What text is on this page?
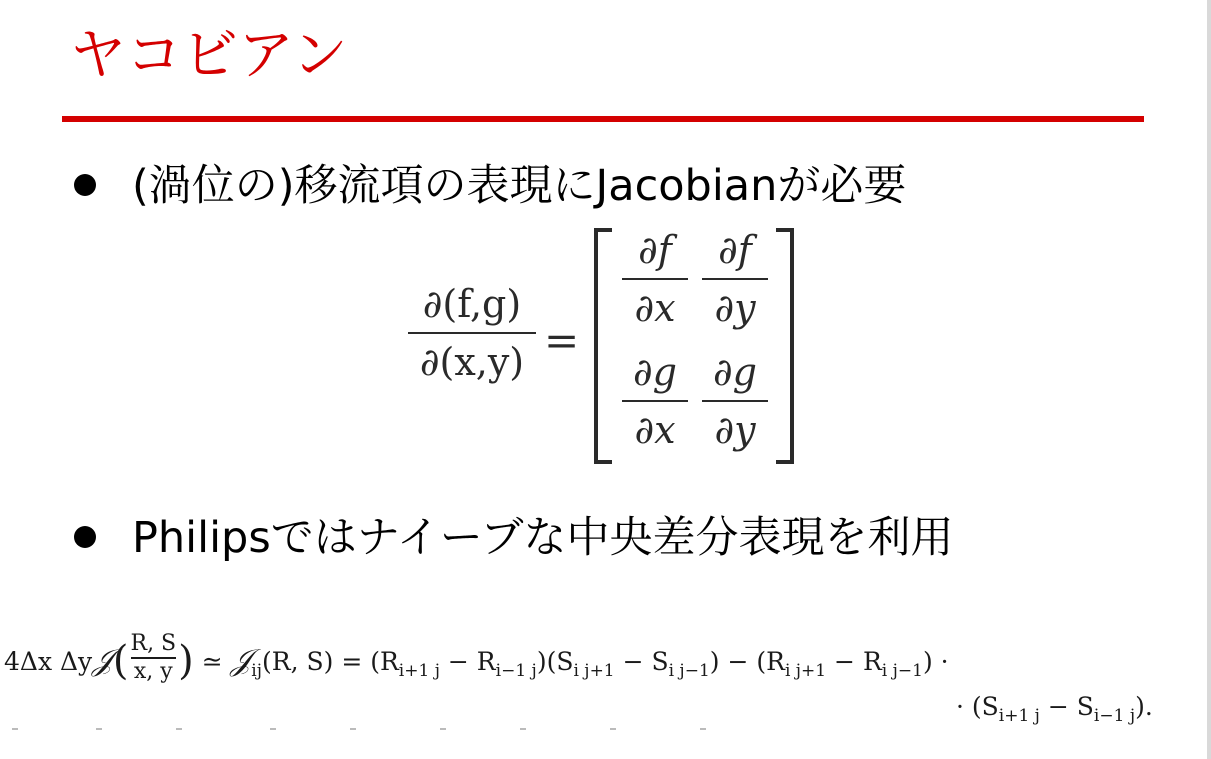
ヤコビアン
(渦位の)移流項の表現にJacobianが必要
∂(f,g)
∂(x,y) =
∂f
∂x
∂f
∂y
∂g
∂x
∂g
∂y
Philipsではナイーブな中央差分表現を利用
4Δx $\Delta y𝒥(\frac{R, S}{x, y})$ ≃ 𝒥$_{ij}$(R, $S) = (R_{i+1 j} - R_{i-1 j})(S_{i j+1} - S_{i j-1}) - (R_{i j+1} - R_{i j-1})$ ·
· $(S_{i+1 j} - S_{i-1 j})$.
